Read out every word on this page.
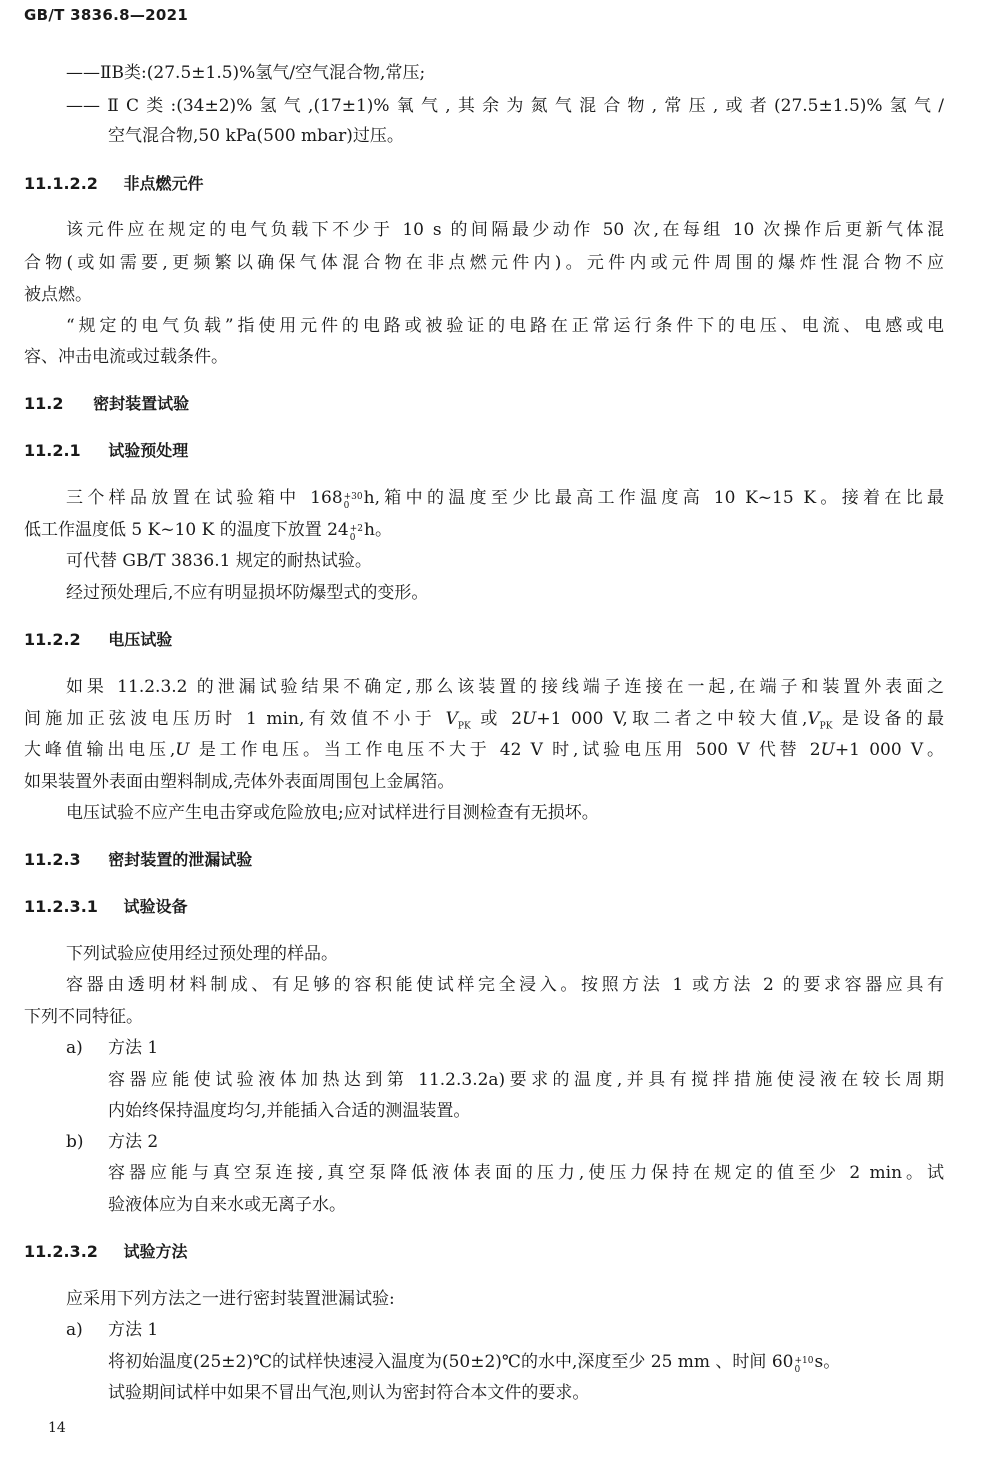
GB/T 3836.8—2021
——ⅡB类:(27.5±1.5)%氢气/空气混合物,常压;
——ⅡC类:(34±2)%氢气,(17±1)%氧气,其余为氮气混合物,常压,或者(27.5±1.5)%氢气/
空气混合物,50 kPa(500 mbar)过压。
11.1.2.2 非点燃元件
该元件应在规定的电气负载下不少于 10 s 的间隔最少动作 50 次,在每组 10 次操作后更新气体混
合物(或如需要,更频繁以确保气体混合物在非点燃元件内)。元件内或元件周围的爆炸性混合物不应
被点燃。
“规定的电气负载”指使用元件的电路或被验证的电路在正常运行条件下的电压、电流、电感或电
容、冲击电流或过载条件。
11.2 密封装置试验
11.2.1 试验预处理
三个样品放置在试验箱中 168 $^{+30 0}$ h,箱中的温度至少比最高工作温度高 10 K~15 K。接着在比最
低工作温度低 5 K~10 K 的温度下放置 24 $^{+2 0}$ h。
可代替 GB/T 3836.1 规定的耐热试验。
经过预处理后,不应有明显损坏防爆型式的变形。
11.2.2 电压试验
如果 11.2.3.2 的泄漏试验结果不确定,那么该装置的接线端子连接在一起,在端子和装置外表面之
间施加正弦波电压历时 1 min,有效值不小于 $V_{PK}$ 或 2U+1 000 V,取二者之中较大值$,V_{PK}$ 是设备的最
大峰值输出电压,U 是工作电压。当工作电压不大于 42 V 时,试验电压用 500 V 代替 2U+1 000 V。
如果装置外表面由塑料制成,壳体外表面周围包上金属箔。
电压试验不应产生电击穿或危险放电;应对试样进行目测检查有无损坏。
11.2.3 密封装置的泄漏试验
11.2.3.1 试验设备
下列试验应使用经过预处理的样品。
容器由透明材料制成、有足够的容积能使试样完全浸入。按照方法 1 或方法 2 的要求容器应具有
下列不同特征。
a) 方法 1
容器应能使试验液体加热达到第 11.2.3.2a)要求的温度,并具有搅拌措施使浸液在较长周期
内始终保持温度均匀,并能插入合适的测温装置。
b) 方法 2
容器应能与真空泵连接,真空泵降低液体表面的压力,使压力保持在规定的值至少 2 min。试
验液体应为自来水或无离子水。
11.2.3.2 试验方法
应采用下列方法之一进行密封装置泄漏试验:
a) 方法 1
将初始温度(25±2)℃的试样快速浸入温度为(50±2)℃的水中,深度至少 25 mm 、时间 60 $^{+10 0}$ s。
试验期间试样中如果不冒出气泡,则认为密封符合本文件的要求。
14
